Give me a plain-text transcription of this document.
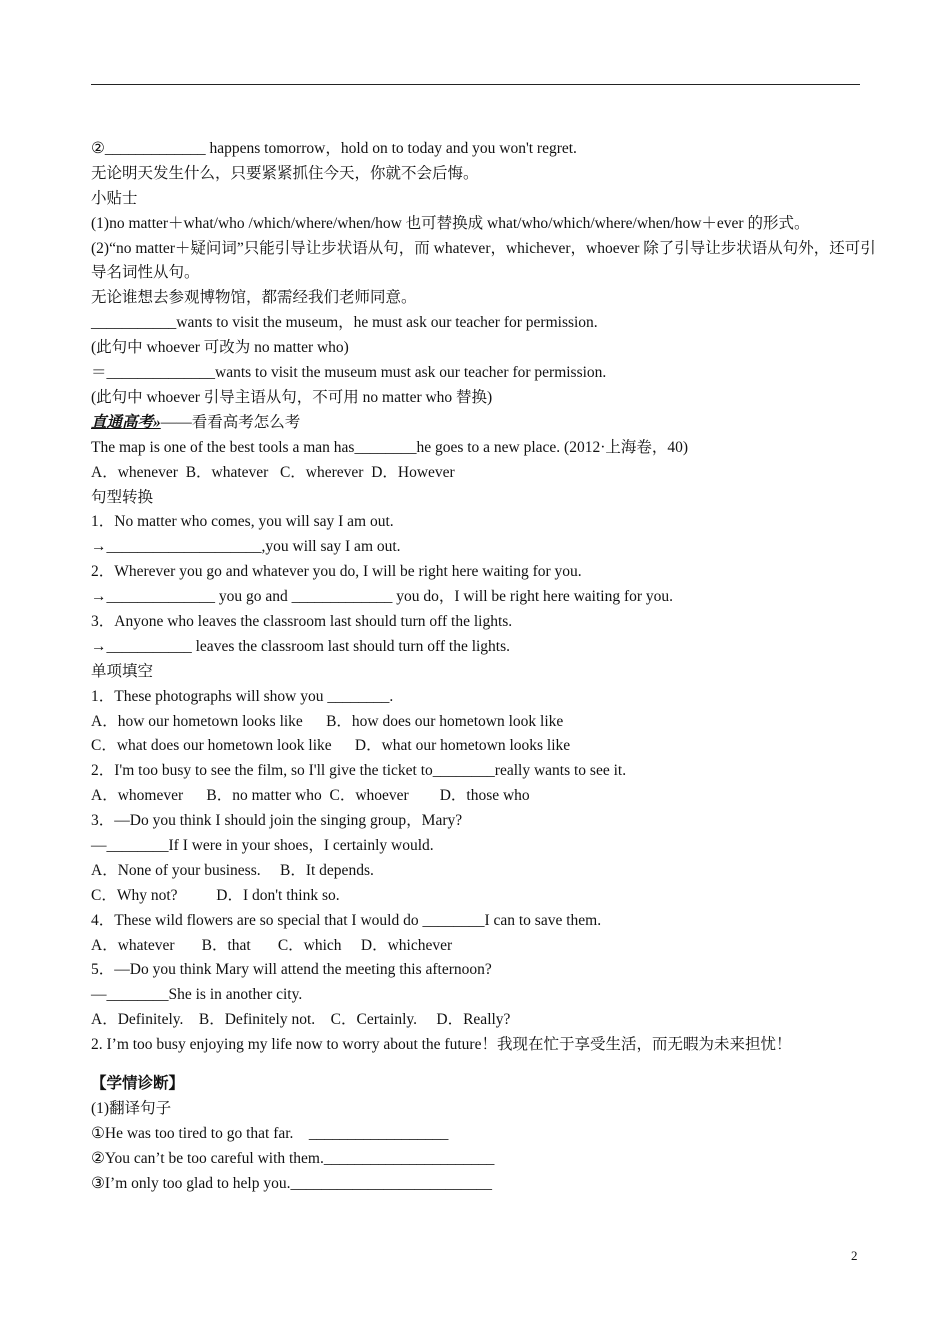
②_____________ happens tomorrow，hold on to today and you won't regret.
无论明天发生什么，只要紧紧抓住今天，你就不会后悔。
小贴士
(1)no matter＋what/who /which/where/when/how 也可替换成 what/who/which/where/when/how＋ever 的形式。
(2)“no matter＋疑问词”只能引导让步状语从句，而 whatever，whichever，whoever 除了引导让步状语从句外，还可引导名词性从句。
无论谁想去参观博物馆，都需经我们老师同意。
___________wants to visit the museum，he must ask our teacher for permission.
(此句中 whoever 可改为 no matter who)
＝______________wants to visit the museum must ask our teacher for permission.
(此句中 whoever 引导主语从句，不可用 no matter who 替换)
直通高考»——看看高考怎么考
The map is one of the best tools a man has________he goes to a new place. (2012·上海卷，40)
A．whenever  B．whatever   C．wherever  D．However
句型转换
1．No matter who comes, you will say I am out.
→____________________,you will say I am out.
2．Wherever you go and whatever you do, I will be right here waiting for you.
→______________ you go and _____________ you do，I will be right here waiting for you.
3．Anyone who leaves the classroom last should turn off the lights.
→___________ leaves the classroom last should turn off the lights.
单项填空
1．These photographs will show you ________.
A．how our hometown looks like      B．how does our hometown look like
C．what does our hometown look like      D．what our hometown looks like
2．I'm too busy to see the film, so I'll give the ticket to________really wants to see it.
A．whomever      B．no matter who  C．whoever        D．those who
3．—Do you think I should join the singing group，Mary?
—________If I were in your shoes，I certainly would.
A．None of your business.     B．It depends.
C．Why not?          D．I don't think so.
4．These wild flowers are so special that I would do ________I can to save them.
A．whatever       B．that       C．which     D．whichever
5．—Do you think Mary will attend the meeting this afternoon?
—________She is in another city.
A．Definitely.    B．Definitely not.    C．Certainly.     D．Really?
2. I’m too busy enjoying my life now to worry about the future！我现在忙于享受生活，而无暇为未来担忧！
【学情诊断】
(1)翻译句子
①He was too tired to go that far.    __________________
②You can’t be too careful with them.______________________
③I’m only too glad to help you.__________________________
2
